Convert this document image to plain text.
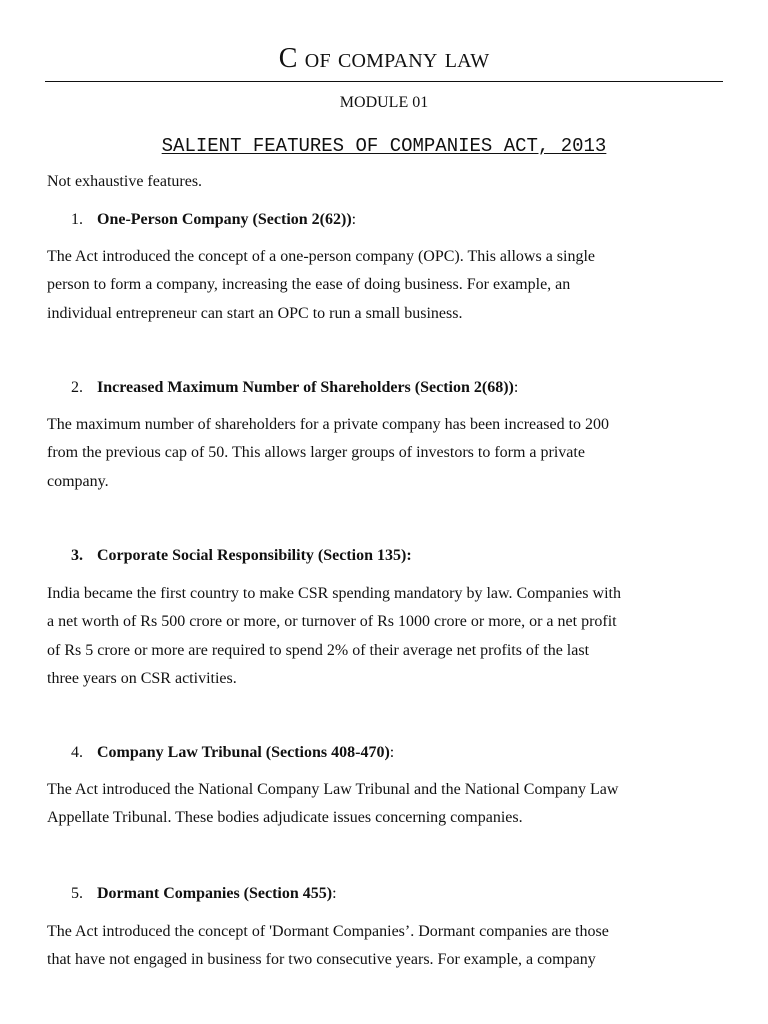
C of company law
MODULE 01
SALIENT FEATURES OF COMPANIES ACT, 2013
Not exhaustive features.
1. One-Person Company (Section 2(62)):
The Act introduced the concept of a one-person company (OPC). This allows a single
person to form a company, increasing the ease of doing business. For example, an
individual entrepreneur can start an OPC to run a small business.
2. Increased Maximum Number of Shareholders (Section 2(68)):
The maximum number of shareholders for a private company has been increased to 200
from the previous cap of 50. This allows larger groups of investors to form a private
company.
3. Corporate Social Responsibility (Section 135):
India became the first country to make CSR spending mandatory by law. Companies with
a net worth of Rs 500 crore or more, or turnover of Rs 1000 crore or more, or a net profit
of Rs 5 crore or more are required to spend 2% of their average net profits of the last
three years on CSR activities.
4. Company Law Tribunal (Sections 408-470):
The Act introduced the National Company Law Tribunal and the National Company Law
Appellate Tribunal. These bodies adjudicate issues concerning companies.
5. Dormant Companies (Section 455):
The Act introduced the concept of 'Dormant Companies’. Dormant companies are those
that have not engaged in business for two consecutive years. For example, a company
